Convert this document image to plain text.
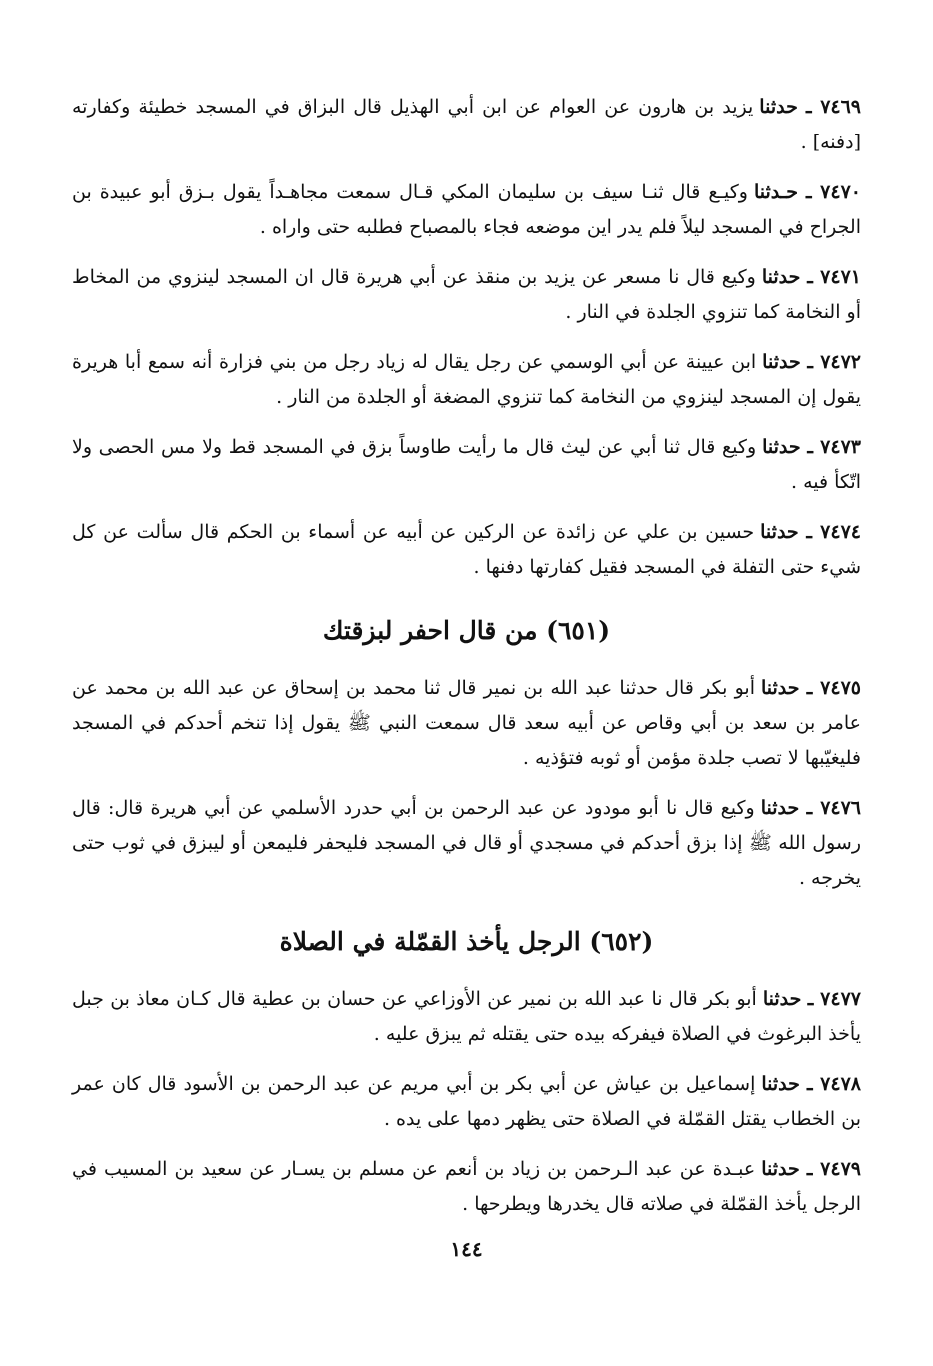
٧٤٦٩ ـ حدثنايزيد بن هارون عن العوام عن ابن أبي الهذيل قال البزاق في المسجد خطيئة وكفارته [دفنه] .

٧٤٧٠ ـ حـدثناوكيـع قال ثنـا سيف بن سليمان المكي قـال سمعت مجاهـداً يقول بـزق أبو عبيدة بن الجراح في المسجد ليلاً فلم يدر اين موضعه فجاء بالمصباح فطلبه حتى واراه .

٧٤٧١ ـ حدثناوكيع قال نا مسعر عن يزيد بن منقذ عن أبي هريرة قال ان المسجد لينزوي من المخاط أو النخامة كما تنزوي الجلدة في النار .

٧٤٧٢ ـ حدثناابن عيينة عن أبي الوسمي عن رجل يقال له زياد رجل من بني فزارة أنه سمع أبا هريرة يقول إن المسجد لينزوي من النخامة كما تنزوي المضغة أو الجلدة من النار .

٧٤٧٣ ـ حدثناوكيع قال ثنا أبي عن ليث قال ما رأيت طاوساً بزق في المسجد قط ولا مس الحصى ولا اتّكأ فيه .

٧٤٧٤ ـ حدثناحسين بن علي عن زائدة عن الركين عن أبيه عن أسماء بن الحكم قال سألت عن كل شيء حتى التفلة في المسجد فقيل كفارتها دفنها .

(٦٥١) من قال احفر لبزقتك

٧٤٧٥ ـ حدثناأبو بكر قال حدثنا عبد الله بن نمير قال ثنا محمد بن إسحاق عن عبد الله بن محمد عن عامر بن سعد بن أبي وقاص عن أبيه سعد قال سمعت النبي ﷺ يقول إذا تنخم أحدكم في المسجد فليغيّبها لا تصب جلدة مؤمن أو ثوبه فتؤذيه .

٧٤٧٦ ـ حدثناوكيع قال نا أبو مودود عن عبد الرحمن بن أبي حدرد الأسلمي عن أبي هريرة قال: قال رسول الله ﷺ إذا بزق أحدكم في مسجدي أو قال في المسجد فليحفر فليمعن أو ليبزق في ثوب حتى يخرجه .

(٦٥٢) الرجل يأخذ القمّلة في الصلاة

٧٤٧٧ ـ حدثناأبو بكر قال نا عبد الله بن نمير عن الأوزاعي عن حسان بن عطية قال كـان معاذ بن جبل يأخذ البرغوث في الصلاة فيفركه بيده حتى يقتله ثم يبزق عليه .

٧٤٧٨ ـ حدثناإسماعيل بن عياش عن أبي بكر بن أبي مريم عن عبد الرحمن بن الأسود قال كان عمر بن الخطاب يقتل القمّلة في الصلاة حتى يظهر دمها على يده .

٧٤٧٩ ـ حدثناعبـدة عن عبد الـرحمن بن زياد بن أنعم عن مسلم بن يسـار عن سعيد بن المسيب في الرجل يأخذ القمّلة في صلاته قال يخدرها ويطرحها .

١٤٤
